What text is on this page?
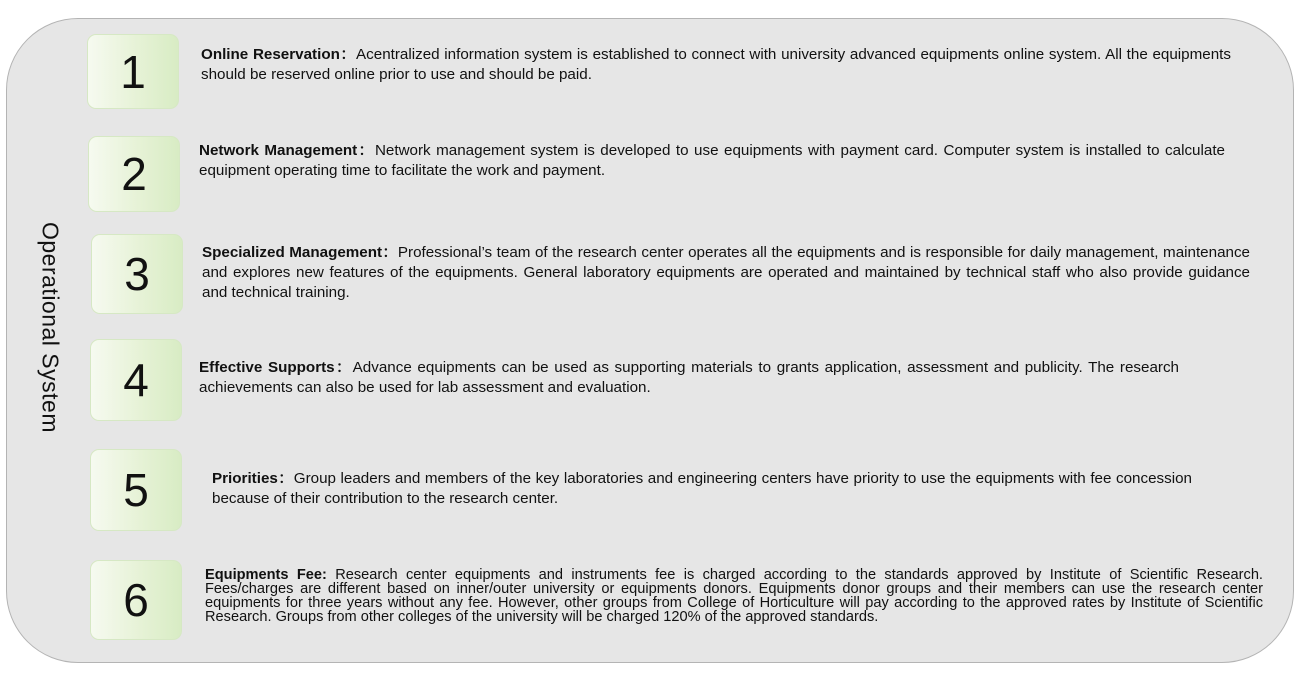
Operational System
1	Online Reservation：Acentralized information system is established to connect with university advanced equipments online system. All the equipments should be reserved online prior to use and should be paid.
2	Network Management：Network management system is developed to use equipments with payment card. Computer system is installed to calculate equipment operating time to facilitate the work and payment.
3	Specialized Management：Professional’s team of the research center operates all the equipments and is responsible for daily management, maintenance and explores new features of the equipments. General laboratory equipments are operated and maintained by technical staff who also provide guidance and technical training.
4	Effective Supports：Advance equipments can be used as supporting materials to grants application, assessment and publicity. The research achievements can also be used for lab assessment and evaluation.
5	Priorities：Group leaders and members of the key laboratories and engineering centers have priority to use the equipments with fee concession because of their contribution to the research center.
6	Equipments Fee: Research center equipments and instruments fee is charged according to the standards approved by Institute of Scientific Research. Fees/charges are different based on inner/outer university or equipments donors. Equipments donor groups and their members can use the research center equipments for three years without any fee. However, other groups from College of Horticulture will pay according to the approved rates by Institute of Scientific Research. Groups from other colleges of the university will be charged 120% of the approved standards.
